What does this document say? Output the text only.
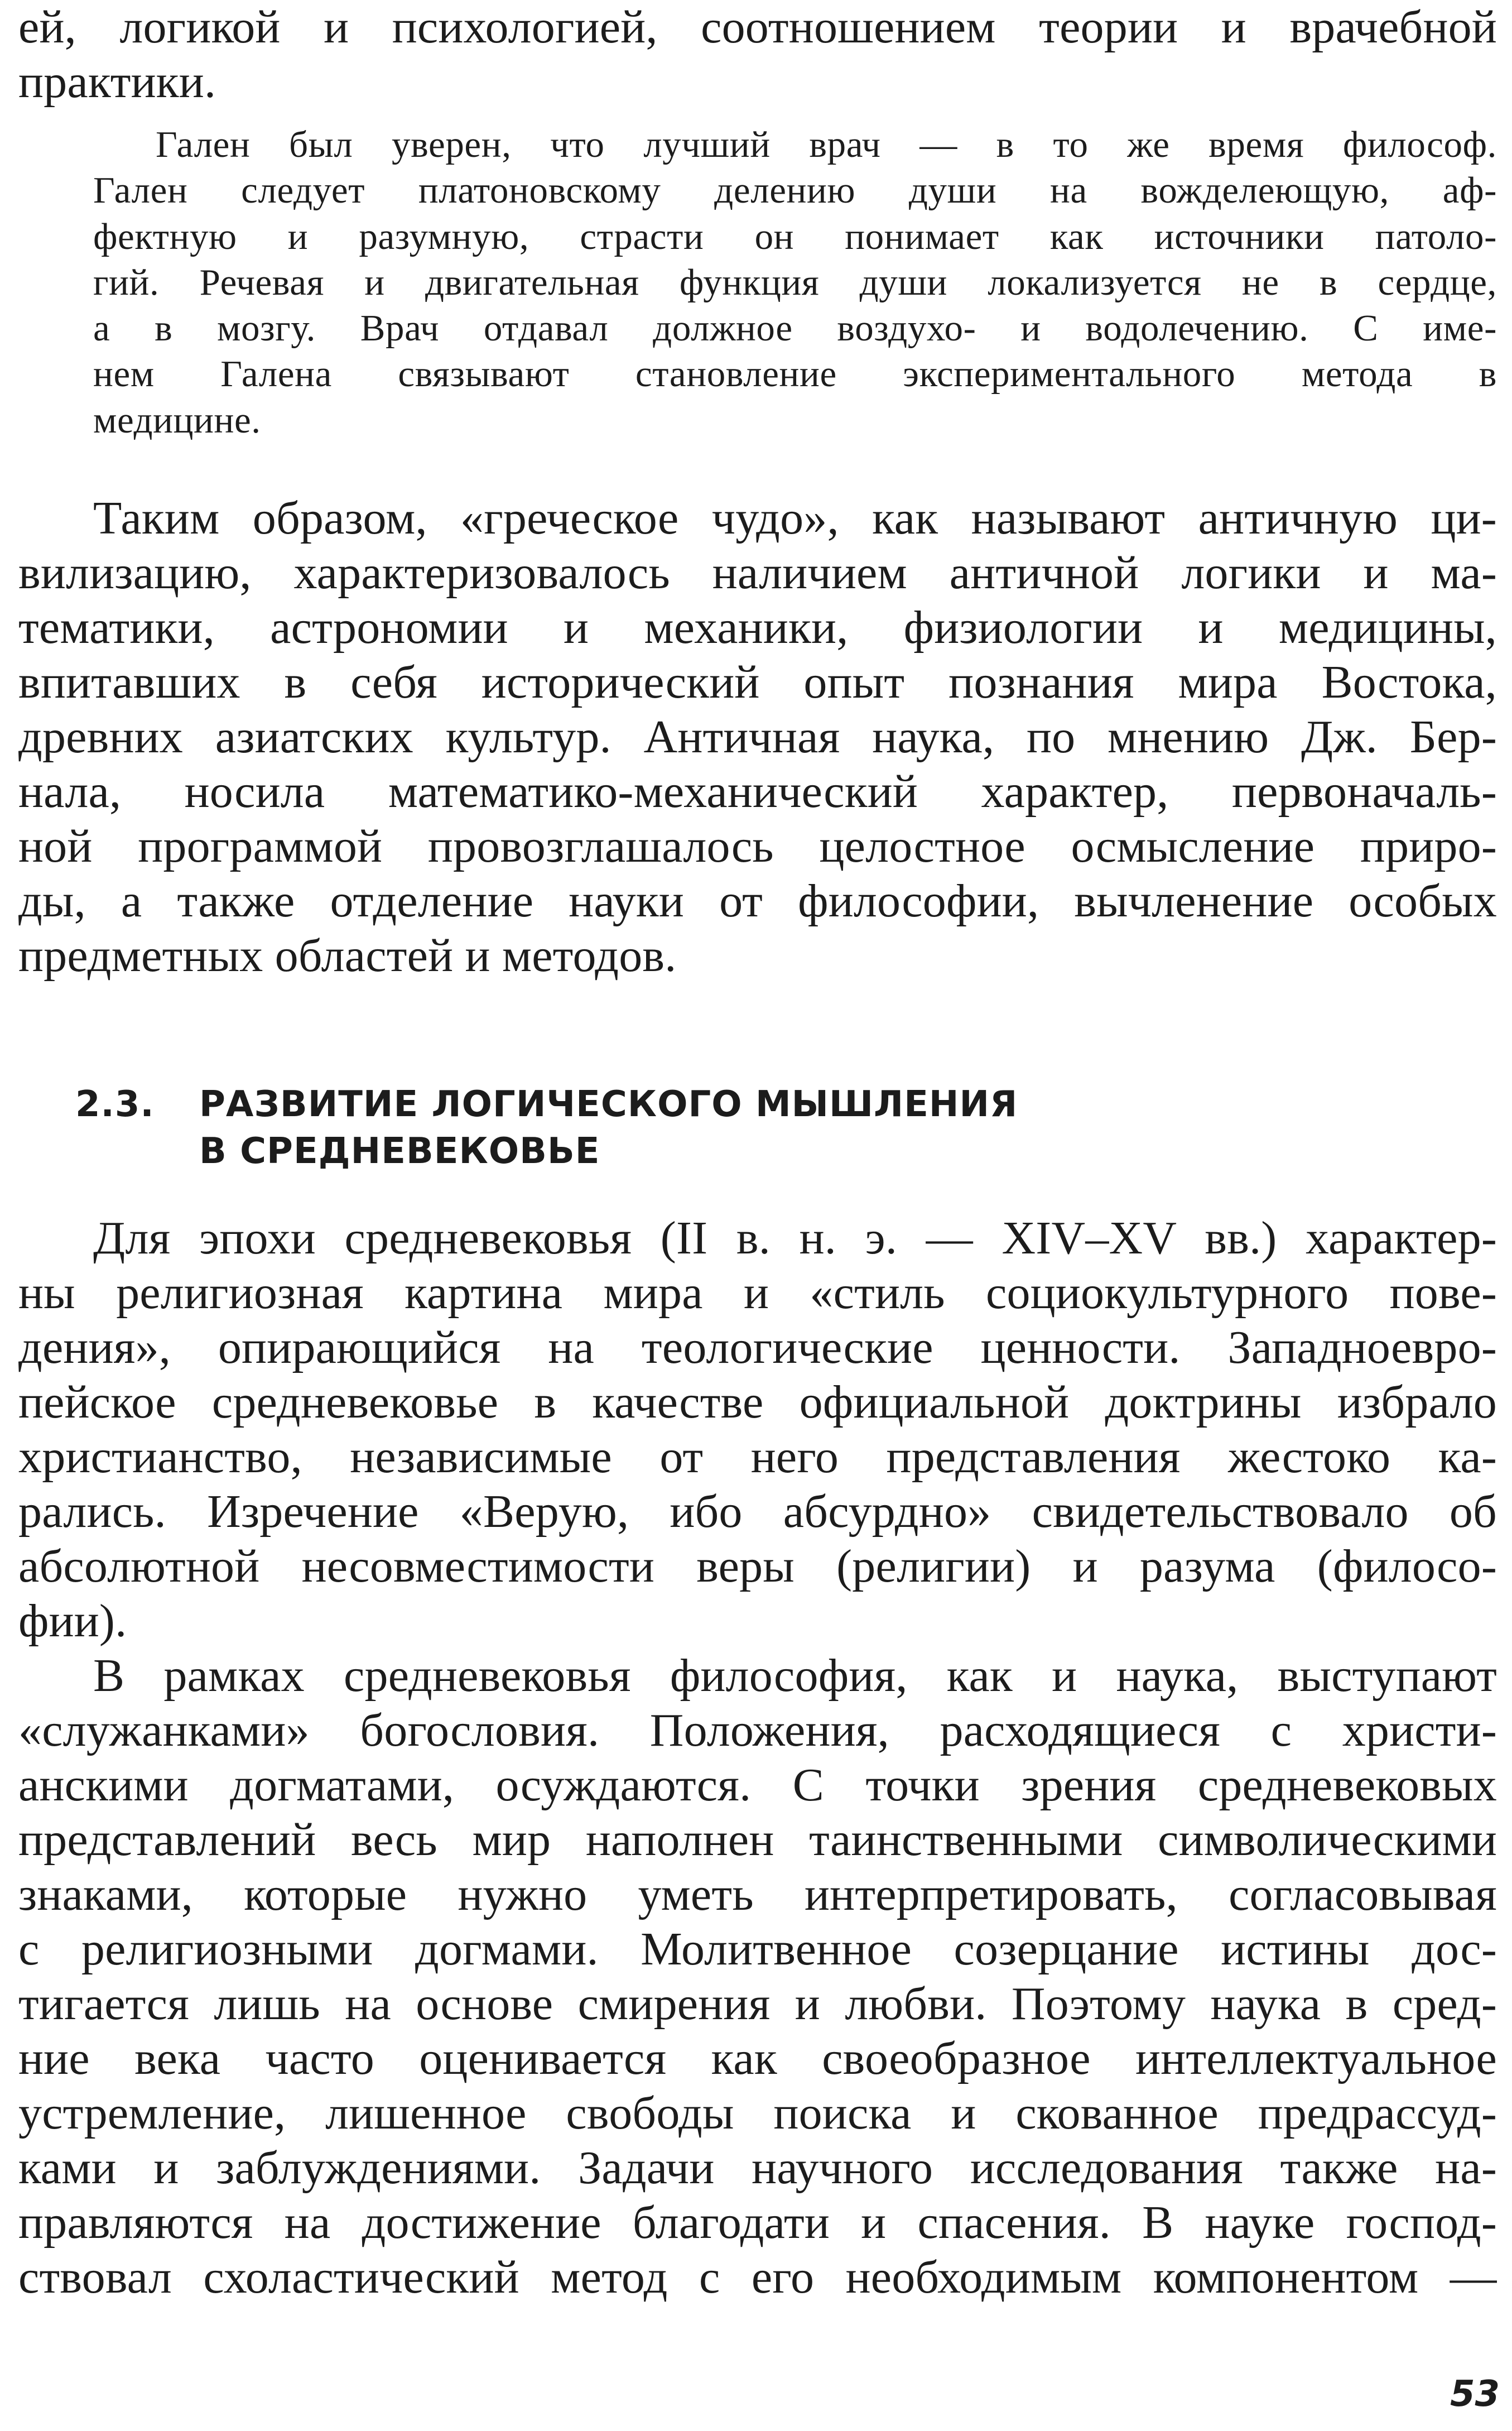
ей, логикой и психологией, соотношением теории и врачебной
практики.
Гален был уверен, что лучший врач — в то же время философ.
Гален следует платоновскому делению души на вожделеющую, аф-
фектную и разумную, страсти он понимает как источники патоло-
гий. Речевая и двигательная функция души локализуется не в сердце,
а в мозгу. Врач отдавал должное воздухо- и водолечению. С име-
нем Галена связывают становление экспериментального метода в
медицине.
Таким образом, «греческое чудо», как называют античную ци-
вилизацию, характеризовалось наличием античной логики и ма-
тематики, астрономии и механики, физиологии и медицины,
впитавших в себя исторический опыт познания мира Востока,
древних азиатских культур. Античная наука, по мнению Дж. Бер-
нала, носила математико-механический характер, первоначаль-
ной программой провозглашалось целостное осмысление приро-
ды, а также отделение науки от философии, вычленение особых
предметных областей и методов.
2.3. РАЗВИТИЕ ЛОГИЧЕСКОГО МЫШЛЕНИЯ
В СРЕДНЕВЕКОВЬЕ
Для эпохи средневековья (II в. н. э. — XIV–XV вв.) характер-
ны религиозная картина мира и «стиль социокультурного пове-
дения», опирающийся на теологические ценности. Западноевро-
пейское средневековье в качестве официальной доктрины избрало
христианство, независимые от него представления жестоко ка-
рались. Изречение «Верую, ибо абсурдно» свидетельствовало об
абсолютной несовместимости веры (религии) и разума (филосо-
фии).
В рамках средневековья философия, как и наука, выступают
«служанками» богословия. Положения, расходящиеся с христи-
анскими догматами, осуждаются. С точки зрения средневековых
представлений весь мир наполнен таинственными символическими
знаками, которые нужно уметь интерпретировать, согласовывая
с религиозными догмами. Молитвенное созерцание истины дос-
тигается лишь на основе смирения и любви. Поэтому наука в сред-
ние века часто оценивается как своеобразное интеллектуальное
устремление, лишенное свободы поиска и скованное предрассуд-
ками и заблуждениями. Задачи научного исследования также на-
правляются на достижение благодати и спасения. В науке господ-
ствовал схоластический метод с его необходимым компонентом —
53
